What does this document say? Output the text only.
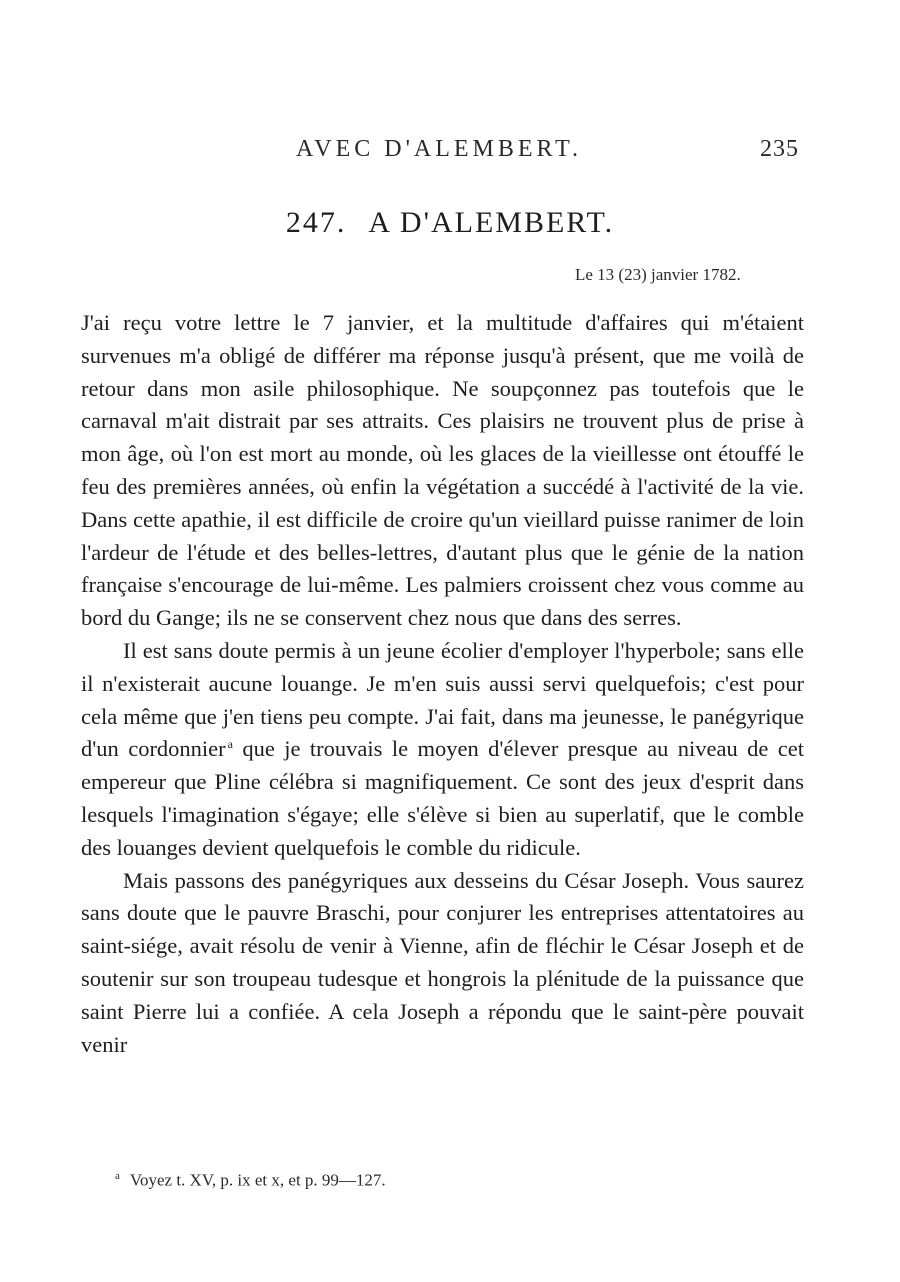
AVEC D'ALEMBERT.	235
247. A D'ALEMBERT.
Le 13 (23) janvier 1782.

J'ai reçu votre lettre le 7 janvier, et la multitude d'affaires qui m'étaient survenues m'a obligé de différer ma réponse jusqu'à présent, que me voilà de retour dans mon asile philosophique. Ne soupçonnez pas toutefois que le carnaval m'ait distrait par ses attraits. Ces plaisirs ne trouvent plus de prise à mon âge, où l'on est mort au monde, où les glaces de la vieillesse ont étouffé le feu des premières années, où enfin la végétation a succédé à l'activité de la vie. Dans cette apathie, il est difficile de croire qu'un vieillard puisse ranimer de loin l'ardeur de l'étude et des belles-lettres, d'autant plus que le génie de la nation française s'encourage de lui-même. Les palmiers croissent chez vous comme au bord du Gange; ils ne se conservent chez nous que dans des serres.

Il est sans doute permis à un jeune écolier d'employer l'hyperbole; sans elle il n'existerait aucune louange. Je m'en suis aussi servi quelquefois; c'est pour cela même que j'en tiens peu compte. J'ai fait, dans ma jeunesse, le panégyrique d'un cordonnier $^a$ que je trouvais le moyen d'élever presque au niveau de cet empereur que Pline célébra si magnifiquement. Ce sont des jeux d'esprit dans lesquels l'imagination s'égaye; elle s'élève si bien au superlatif, que le comble des louanges devient quelquefois le comble du ridicule.

Mais passons des panégyriques aux desseins du César Joseph. Vous saurez sans doute que le pauvre Braschi, pour conjurer les entreprises attentatoires au saint-siége, avait résolu de venir à Vienne, afin de fléchir le César Joseph et de soutenir sur son troupeau tudesque et hongrois la plénitude de la puissance que saint Pierre lui a confiée. A cela Joseph a répondu que le saint-père pouvait venir

$^a$ Voyez t. XV, p. ix et x, et p. 99—127.
